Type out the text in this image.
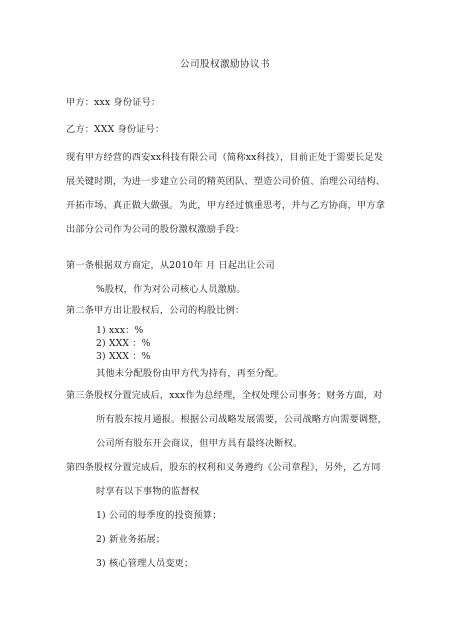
公司股权激励协议书
甲方：xxx 身份证号：
乙方：XXX 身份证号：
现有甲方经营的西安xx科技有限公司（简称xx科技），目前正处于需要长足发
展关键时期，为进一步建立公司的精英团队、塑造公司价值、治理公司结构、
开拓市场、真正做大做强。为此，甲方经过慎重思考，并与乙方协商，甲方拿
出部分公司作为公司的股份激权激励手段：
第一条根据双方商定，从2010年 月 日起出让公司
%股权，作为对公司核心人员激励。
第二条甲方出让股权后，公司的构股比例：
1) xxx：%
2) XXX ：%
3) XXX ：%
其他未分配股份由甲方代为持有，再至分配。
第三条股权分置完成后，xxx作为总经理，全权处理公司事务；财务方面，对
所有股东按月通报。根据公司战略发展需要，公司战略方向需要调整，
公司所有股东开会商议，但甲方具有最终决断权。
第四条股权分置完成后，股东的权利和义务遵约《公司章程》，另外，乙方同
时享有以下事物的监督权
1) 公司的每季度的投资预算；
2) 新业务拓展；
3) 核心管理人员变更；
